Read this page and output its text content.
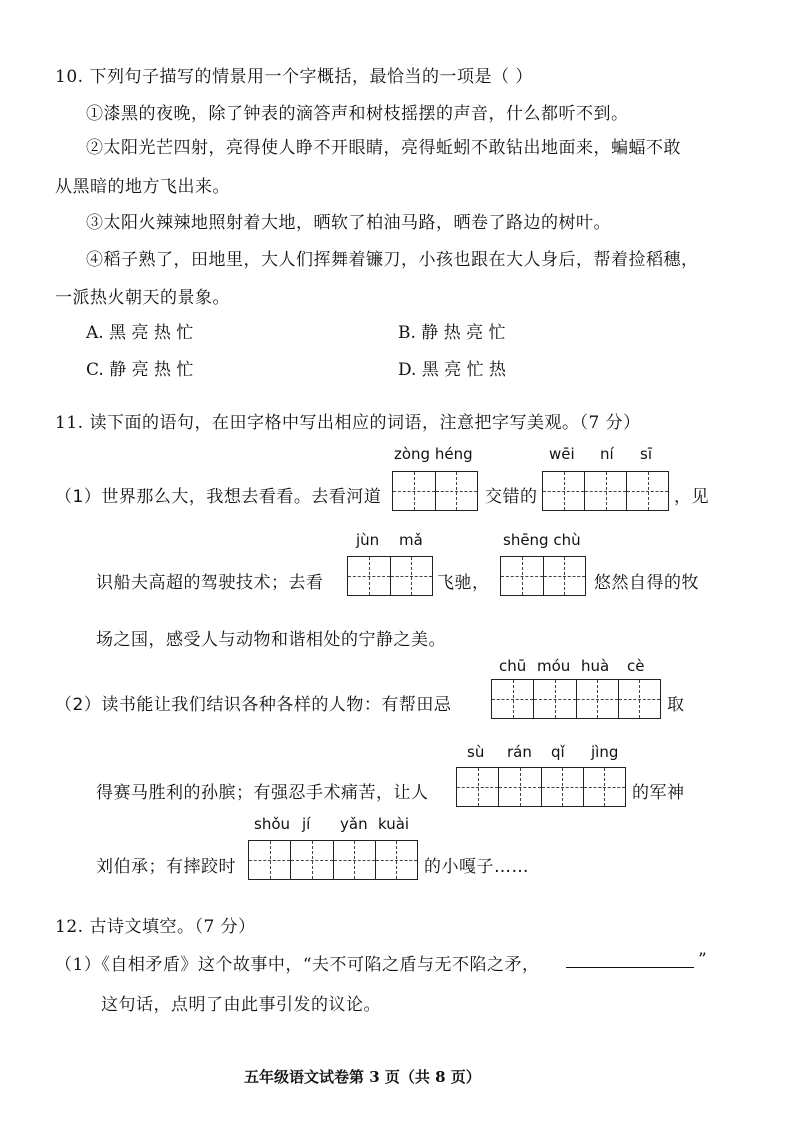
10. 下列句子描写的情景用一个字概括，最恰当的一项是（ ）
①漆黑的夜晚，除了钟表的滴答声和树枝摇摆的声音，什么都听不到。
②太阳光芒四射，亮得使人睁不开眼睛，亮得蚯蚓不敢钻出地面来，蝙蝠不敢
从黑暗的地方飞出来。
③太阳火辣辣地照射着大地，晒软了柏油马路，晒卷了路边的树叶。
④稻子熟了，田地里，大人们挥舞着镰刀，小孩也跟在大人身后，帮着捡稻穗，
一派热火朝天的景象。
A. 黑 亮 热 忙	B. 静 热 亮 忙
C. 静 亮 热 忙	D. 黑 亮 忙 热
11. 读下面的语句，在田字格中写出相应的词语，注意把字写美观。（7 分）
zòng héng	wēi ní sī
（1）世界那么大，我想去看看。去看河道	交错的	，见
jùn mǎ	shēng chù
识船夫高超的驾驶技术；去看	飞驰，	悠然自得的牧
场之国，感受人与动物和谐相处的宁静之美。
chū móu huà cè
（2）读书能让我们结识各种各样的人物：有帮田忌	取
sù rán qǐ jìng
得赛马胜利的孙膑；有强忍手术痛苦，让人	的军神
shǒu jí yǎn kuài
刘伯承；有摔跤时	的小嘎子……
12. 古诗文填空。（7 分）
（1）《自相矛盾》这个故事中，“夫不可陷之盾与无不陷之矛，	”
这句话，点明了由此事引发的议论。
五年级语文试卷第 3 页（共 8 页）
